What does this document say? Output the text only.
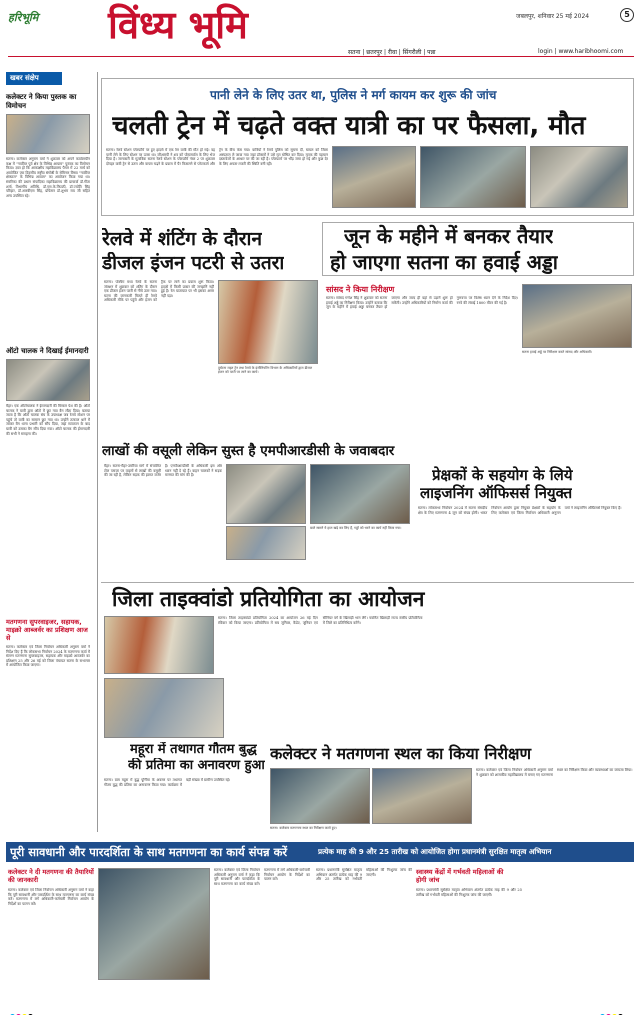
हरिभूमि	विंध्य भूमि	जबलपुर, शनिवार 25 मई 2024	5
सतना | छतरपुर | रीवा | सिंगरौली | पन्ना	login | www.haribhoomi.com
खबर संक्षेप
कलेक्टर ने किया पुस्तक का विमोचन
सतना। कलेक्टर अनुराग वर्मा ने शुक्रवार को अपने कार्यालयीन कक्ष में "नववित्त पूर्व क्षेत्र के विभिन्न आयाम" पुस्तक का विमोचन किया। ज्ञात हो कि आकांक्षीय महाविद्यालय पैनल में 22 मार्च को आयोजित एक दिवसीय राष्ट्रीय संगोष्ठी के सेमिनार विषय "नववित्त क्षेत्रफल" के विभिन्न आयाम" का आयोजन किया गया था। स्मारिका की प्रधान संपादिका महाविद्यालय की प्राचार्या डॉ.गीता शर्मा, विभागीय अतिथि, डॉ.एस.के.त्रिपाठी, डॉ.ज्योति सिंह परिहार, डॉ.आरबीएस सिंह, प्रोफेसर डॉ.शुभम राय जी सहित अन्य उपस्थित रहे।
ऑटो चालक ने दिखाई ईमानदारी
मैहर। एक ऑटोचालक ने ईमानदारी की मिसाल पेश की है। ऑटो चालक ने यात्री द्वारा ऑटो में छूट गया बैग लौटा दिया। बताया जाता है कि ऑटो चालक संघ के उपाध्यक्ष जब रेलवे स्टेशन पर पहुंचे तो यात्री का सामान छूट गया था। उन्होंने तत्काल थाने में जाकर बैग थाना प्रभारी को सौंप दिया, जहां सत्यापन के बाद यात्री को उसका बैग सौंप दिया गया। ऑटो चालक की ईमानदारी की सभी ने सराहना की।
मतगणना सुपरवाइजर, सहायक, माइक्रो आब्जर्वर का प्रशिक्षण आज से
सतना। कलेक्टर एवं जिला निर्वाचन अधिकारी अनुराग वर्मा ने निर्देश दिए हैं कि लोकसभा निर्वाचन 2024 के मतगणना कार्य में संलग्न मतगणना सुपरवाइजर, सहायक और माइक्रो आब्जर्वर का प्रशिक्षण 25 और 26 मई को जिला पंचायत सतना के सभागार में आयोजित किया जाएगा।
पानी लेने के लिए उतर था, पुलिस ने मर्ग कायम कर शुरू की जांच
चलती ट्रेन में चढ़ते वक्त यात्री का पर फैसला, मौत
सतना। रेलवे स्टेशन प्लेटफॉर्म पर हुए हादसे में एक रेल यात्री की मौत हो गई। वह पानी लेने के लिए स्टेशन पर उतरा था। जीआरपी ने शव को पोस्टमार्टम के लिए भेज दिया है। जानकारी के मुताबिक सतना रेलवे स्टेशन के प्लेटफॉर्म नंबर 2 पर शुक्रवार दोपहर यात्री ट्रेन से उतरा और वापस चढ़ने के प्रयास में पैर फिसलने से प्लेटफार्म और ट्रेन के बीच फंस गया। यात्रियों ने रेलवे पुलिस को सूचना दी, घायल को जिला अस्पताल ले जाया गया जहां डॉक्टरों ने उसे मृत घोषित कर दिया। मृतक की पहचान दस्तावेजों के आधार पर की जा रही है। प्लेटफार्म पर भीड़ जमा हो गई और कुछ देर के लिए अफरा-तफरी की स्थिति बनी रही।
रेलवे में शंटिंग के दौरान
डीजल इंजन पटरी से उतरा
सतना। पश्चिम मध्य रेलवे के सतना जंक्शन में शुक्रवार को शंटिंग के दौरान एक डीजल इंजन पटरी से नीचे उतर गया। घटना की जानकारी मिलते ही रेलवे अधिकारी मौके पर पहुंचे और इंजन को ट्रैक पर लाने का प्रयास शुरू किया। हादसे में किसी प्रकार की जनहानि नहीं हुई है। रेल यातायात पर भी इसका असर नहीं पड़ा।
दुर्घटना राहत ट्रेन तथा रेलवे के इंजीनियरिंग विभाग के अधिकारियों द्वारा डीजल इंजन को पटरी पर लाने का कार्य।
जून के महीने में बनकर तैयार
हो जाएगा सतना का हवाई अड्डा
सांसद ने किया निरीक्षण
सतना। सांसद गणेश सिंह ने शुक्रवार को सतना हवाई अड्डे का निरीक्षण किया। उन्होंने बताया कि जून के महीने में हवाई अड्डा बनकर तैयार हो जाएगा और जल्द ही यहां से उड़ानें शुरू हो सकेंगी। उन्होंने अधिकारियों को निर्माण कार्य की गुणवत्ता पर विशेष ध्यान देने के निर्देश दिए। रनवे की लंबाई 1800 मीटर की गई है।
सतना हवाई अड्डे पर निरीक्षण करते सांसद और अधिकारी।
लाखों की वसूली लेकिन सुस्त है एमपीआरडीसी के जवाबदार
मैहर। सतना-मैहर-उमरिया मार्ग में संचालित टोल प्लाजा पर वाहनों से लाखों की वसूली की जा रही है, लेकिन सड़क की हालत जर्जर है। एमपीआरडीसी के अधिकारी इस ओर ध्यान नहीं दे रहे हैं। वाहन चालकों ने सड़क मरम्मत की मांग की है।
बाले सामने ये हाल खड़े कर लिए हैं, गड्ढों को भरने का कार्य नहीं किया गया।
प्रेक्षकों के सहयोग के लिये
लाइजनिंग ऑफिसर्स नियुक्त
सतना। लोकसभा निर्वाचन 2024 में सतना संसदीय क्षेत्र के लिए मतगणना 4 जून को संपन्न होगी। भारत निर्वाचन आयोग द्वारा नियुक्त प्रेक्षकों के सहयोग के लिए कलेक्टर एवं जिला निर्वाचन अधिकारी अनुराग वर्मा ने लाइजनिंग ऑफिसर्स नियुक्त किए हैं।
जिला ताइक्वांडो प्रतियोगिता का आयोजन
सतना। जिला ताइक्वांडो प्रतियोगिता 2024 का आयोजन 26 मई दिन रविवार को किया जाएगा। प्रतियोगिता में सब जूनियर, कैडेट, जूनियर एवं सीनियर वर्ग के खिलाड़ी भाग लेंगे। चयनित खिलाड़ी राज्य स्तरीय प्रतियोगिता में जिले का प्रतिनिधित्व करेंगे।
महूरा में तथागत गौतम बुद्ध
की प्रतिमा का अनावरण हुआ
सतना। ग्राम महूरा में बुद्ध पूर्णिमा के अवसर पर तथागत गौतम बुद्ध की प्रतिमा का अनावरण किया गया। कार्यक्रम में बड़ी संख्या में ग्रामीण उपस्थित रहे।
कलेक्टर ने मतगणना स्थल का किया निरीक्षण
सतना। कलेक्टर मतगणना स्थल का निरीक्षण करते हुए।
सतना। कलेक्टर एवं जिला निर्वाचन अधिकारी अनुराग वर्मा ने शुक्रवार को शासकीय महाविद्यालय में बनाए गए मतगणना स्थल का निरीक्षण किया और व्यवस्थाओं का जायजा लिया।
पूरी सावधानी और पारदर्शिता के साथ मतगणना का कार्य संपन्न करें	प्रत्येक माह की 9 और 25 तारीख को आयोजित होगा प्रधानमंत्री सुरक्षित मातृत्व अभियान
कलेक्टर ने दी मतगणना की तैयारियों की जानकारी
सतना। कलेक्टर एवं जिला निर्वाचन अधिकारी अनुराग वर्मा ने कहा कि पूरी सावधानी और पारदर्शिता के साथ मतगणना का कार्य संपन्न करें। मतगणना में लगे अधिकारी-कर्मचारी निर्वाचन आयोग के निर्देशों का पालन करें।
सतना। कलेक्टर एवं जिला निर्वाचन अधिकारी अनुराग वर्मा ने कहा कि पूरी सावधानी और पारदर्शिता के साथ मतगणना का कार्य संपन्न करें। मतगणना में लगे अधिकारी-कर्मचारी निर्वाचन आयोग के निर्देशों का पालन करें।
स्वास्थ्य केंद्रों में गर्भवती महिलाओं की होगी जांच
सतना। प्रधानमंत्री सुरक्षित मातृत्व अभियान अंतर्गत प्रत्येक माह की 9 और 25 तारीख को गर्भवती महिलाओं की निःशुल्क जांच की जाएगी।
सतना। प्रधानमंत्री सुरक्षित मातृत्व अभियान अंतर्गत प्रत्येक माह की 9 और 25 तारीख को गर्भवती महिलाओं की निःशुल्क जांच की जाएगी।
